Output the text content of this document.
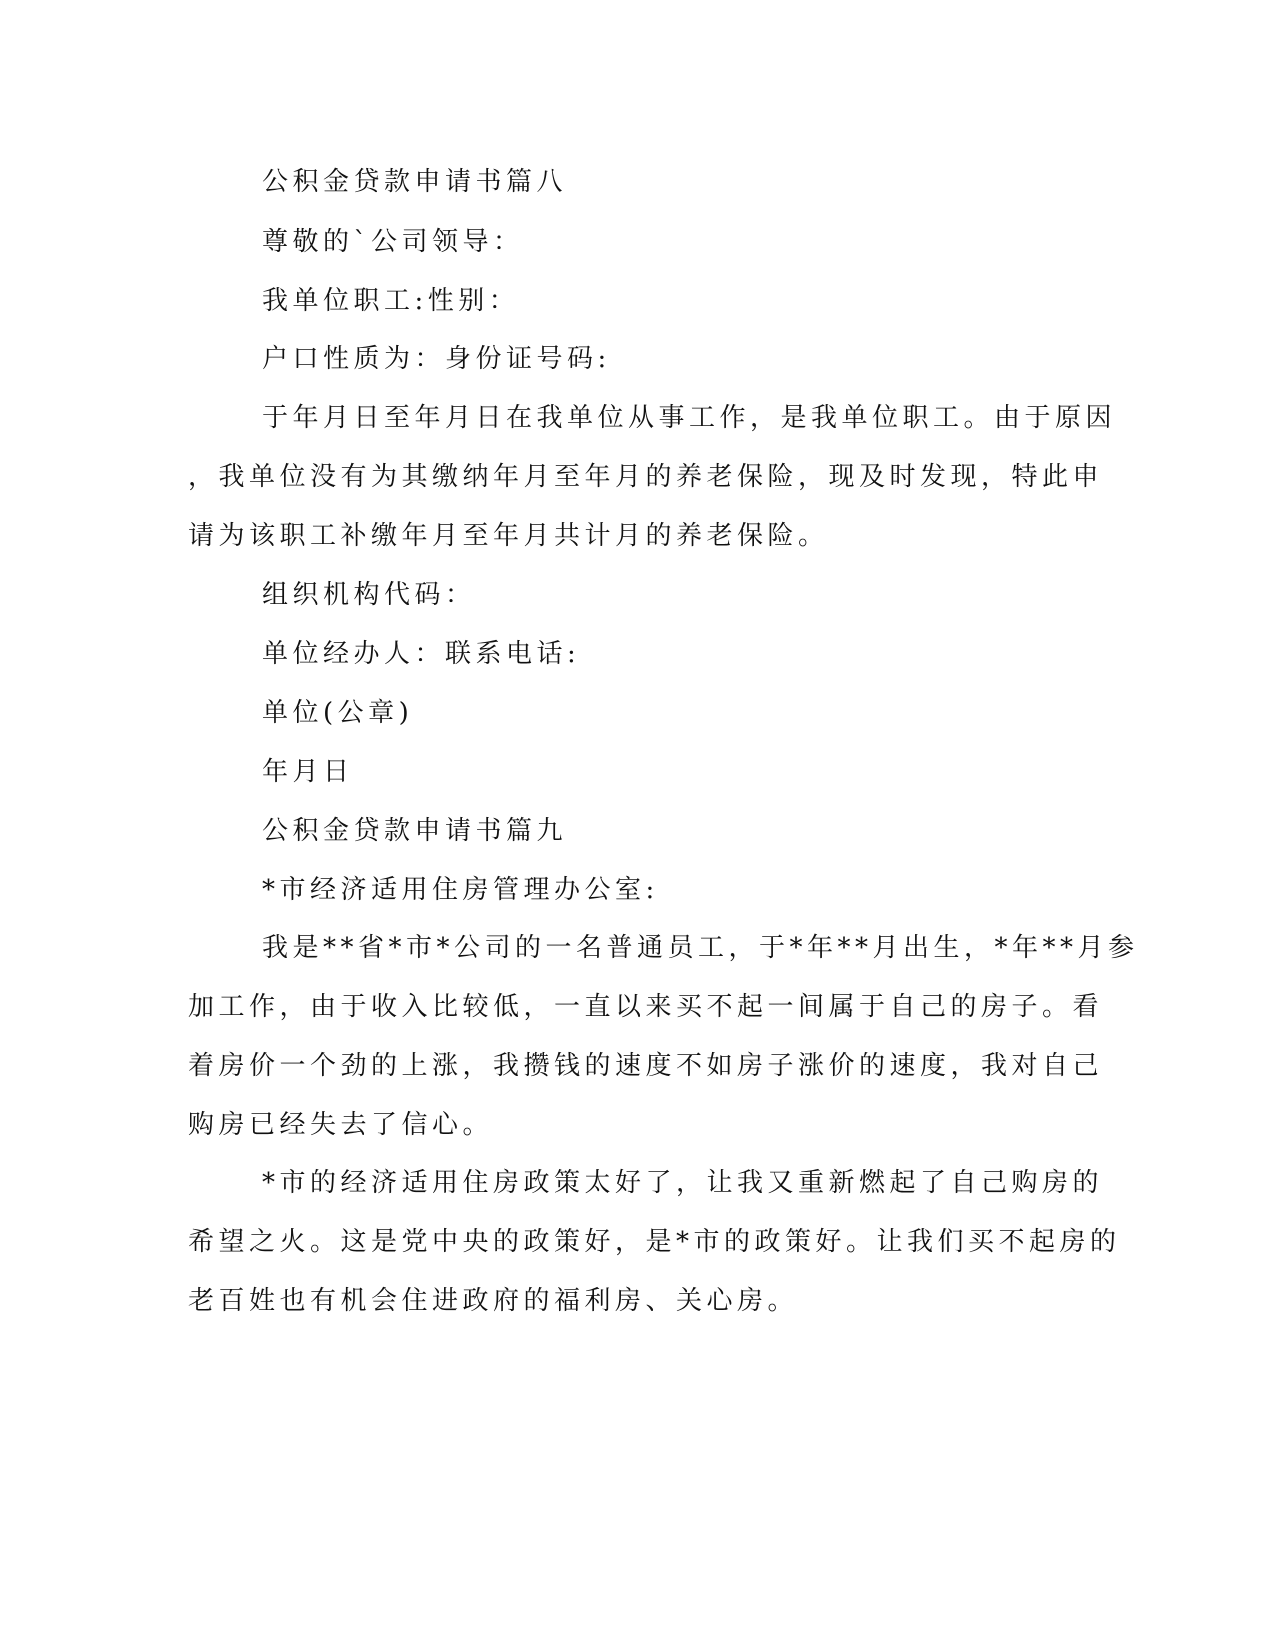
公积金贷款申请书篇八
尊敬的`公司领导：
我单位职工:性别：
户口性质为：身份证号码:
于年月日至年月日在我单位从事工作，是我单位职工。由于原因
，我单位没有为其缴纳年月至年月的养老保险，现及时发现，特此申
请为该职工补缴年月至年月共计月的养老保险。
组织机构代码：
单位经办人：联系电话:
单位(公章)
年月日
公积金贷款申请书篇九
*市经济适用住房管理办公室:
我是**省*市*公司的一名普通员工，于*年**月出生，*年**月参
加工作，由于收入比较低，一直以来买不起一间属于自己的房子。看
着房价一个劲的上涨，我攒钱的速度不如房子涨价的速度，我对自己
购房已经失去了信心。
*市的经济适用住房政策太好了，让我又重新燃起了自己购房的
希望之火。这是党中央的政策好，是*市的政策好。让我们买不起房的
老百姓也有机会住进政府的福利房、关心房。
